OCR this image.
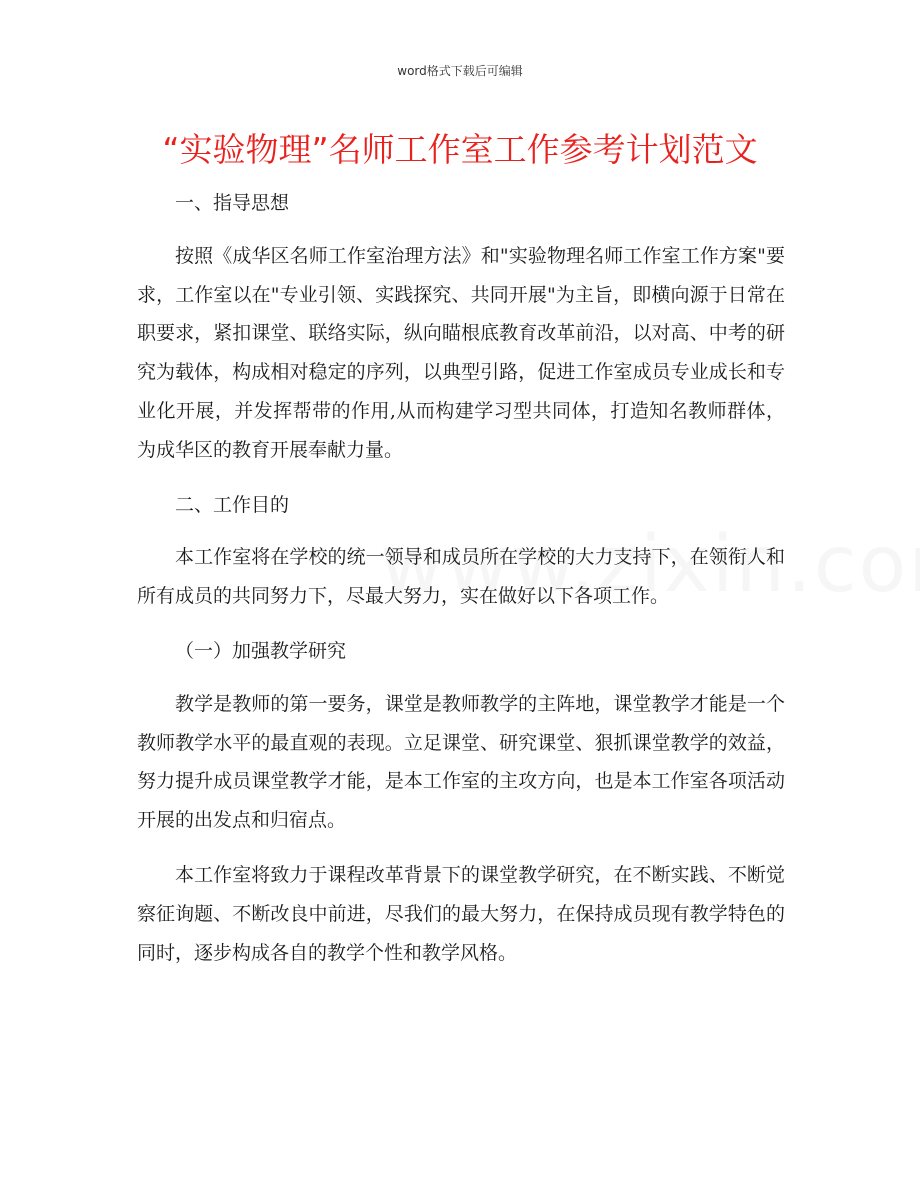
word格式下载后可编辑
“实验物理”名师工作室工作参考计划范文

一、指导思想

按照《成华区名师工作室治理方法》和"实验物理名师工作室工作方案"要求，工作室以在"专业引领、实践探究、共同开展"为主旨，即横向源于日常在职要求，紧扣课堂、联络实际，纵向瞄根底教育改革前沿，以对高、中考的研究为载体，构成相对稳定的序列，以典型引路，促进工作室成员专业成长和专业化开展，并发挥帮带的作用,从而构建学习型共同体，打造知名教师群体，为成华区的教育开展奉献力量。

二、工作目的

本工作室将在学校的统一领导和成员所在学校的大力支持下，在领衔人和所有成员的共同努力下，尽最大努力，实在做好以下各项工作。

（一）加强教学研究

教学是教师的第一要务，课堂是教师教学的主阵地，课堂教学才能是一个教师教学水平的最直观的表现。立足课堂、研究课堂、狠抓课堂教学的效益，努力提升成员课堂教学才能，是本工作室的主攻方向，也是本工作室各项活动开展的出发点和归宿点。

本工作室将致力于课程改革背景下的课堂教学研究，在不断实践、不断觉察征询题、不断改良中前进，尽我们的最大努力，在保持成员现有教学特色的同时，逐步构成各自的教学个性和教学风格。
